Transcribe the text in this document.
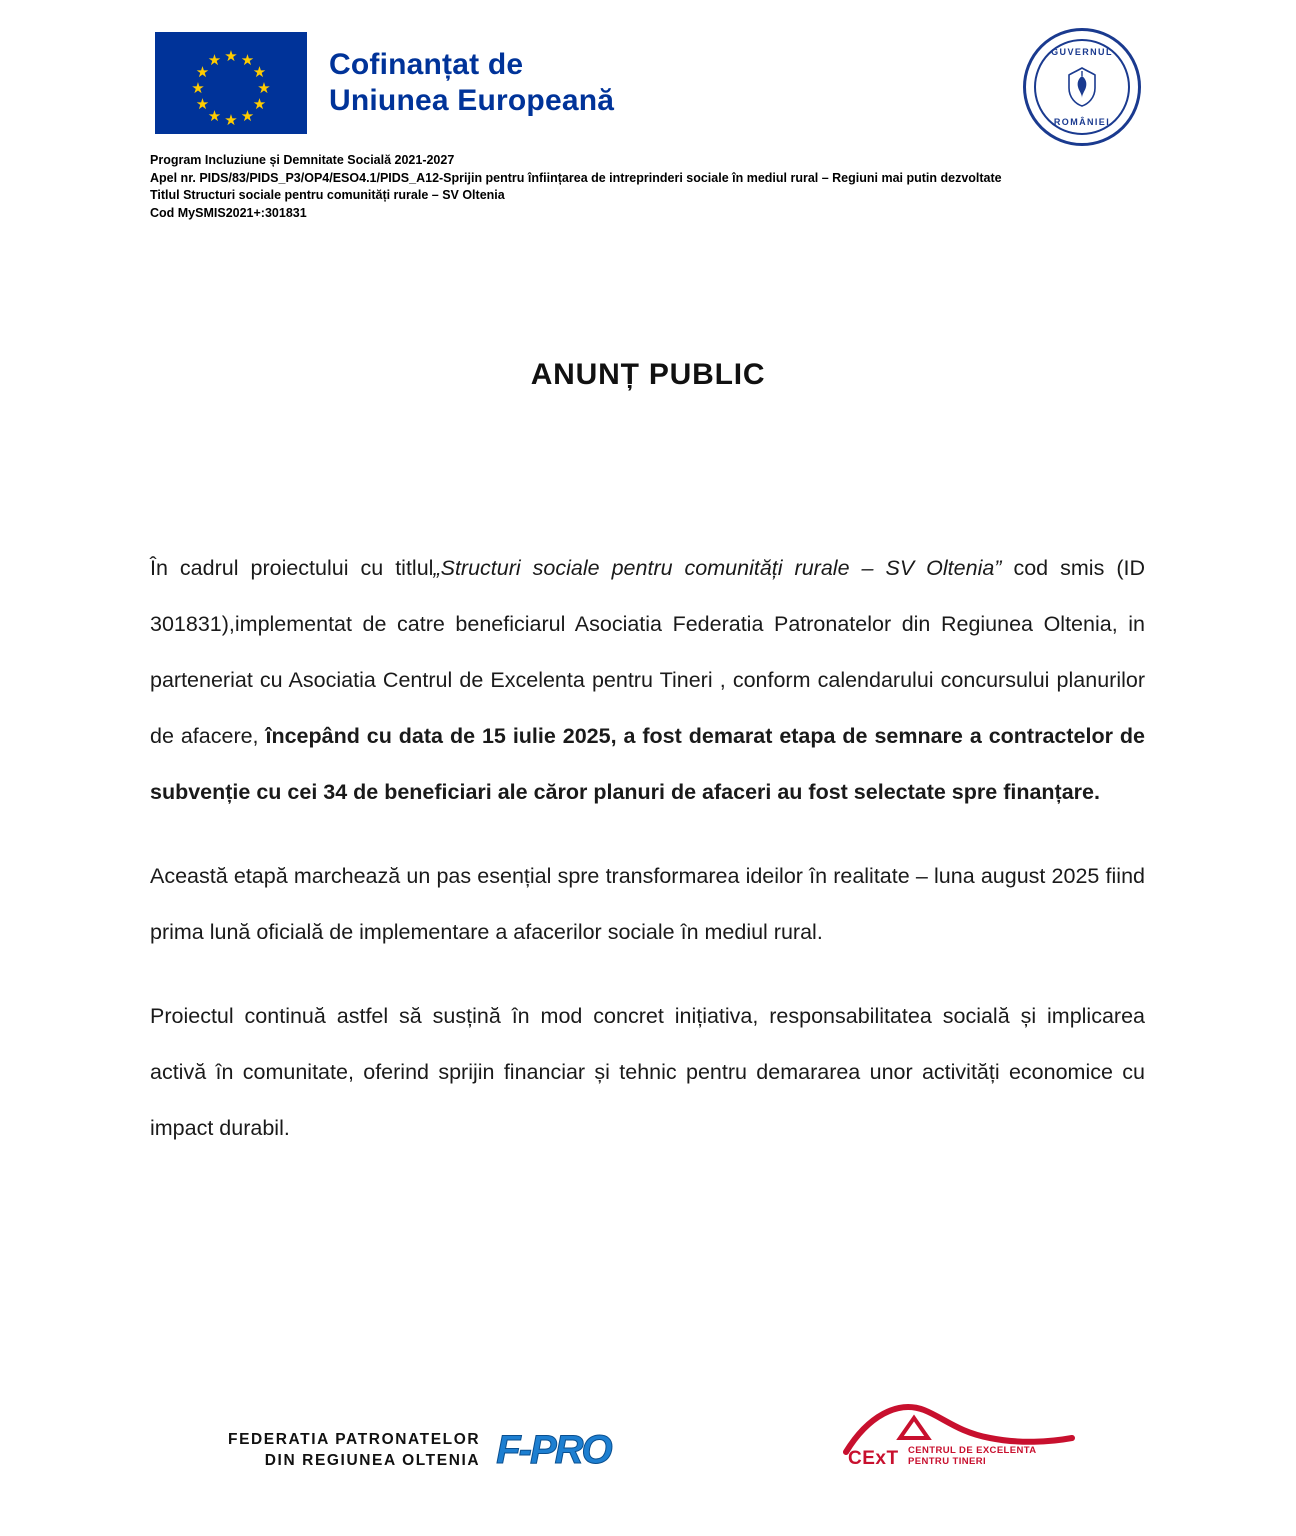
★ ★
★
★
★
★
★
★
★
★
★
★	Cofinanțat de
Uniunea Europeană
GUVERNUL
ROMÂNIEI
Program Incluziune și Demnitate Socială 2021-2027
Apel nr. PIDS/83/PIDS_P3/OP4/ESO4.1/PIDS_A12-Sprijin pentru înființarea de intreprinderi sociale în mediul rural – Regiuni mai putin dezvoltate
Titlul Structuri sociale pentru comunități rurale – SV Oltenia
Cod MySMIS2021+:301831
ANUNȚ PUBLIC

În cadrul proiectului cu titlul„Structuri sociale pentru comunități rurale – SV Oltenia” cod smis (ID 301831),implementat de catre beneficiarul Asociatia Federatia Patronatelor din Regiunea Oltenia, in parteneriat cu Asociatia Centrul de Excelenta pentru Tineri , conform calendarului concursului planurilor de afacere, începând cu data de 15 iulie 2025, a fost demarat etapa de semnare a contractelor de subvenție cu cei 34 de beneficiari ale căror planuri de afaceri au fost selectate spre finanțare.

Această etapă marchează un pas esențial spre transformarea ideilor în realitate – luna august 2025 fiind prima lună oficială de implementare a afacerilor sociale în mediul rural.

Proiectul continuă astfel să susțină în mod concret inițiativa, responsabilitatea socială și implicarea activă în comunitate, oferind sprijin financiar și tehnic pentru demararea unor activități economice cu impact durabil.

FEDERATIA PATRONATELOR
DIN REGIUNEA OLTENIA F-PRO	CExT CENTRUL DE EXCELENTA PENTRU TINERI
